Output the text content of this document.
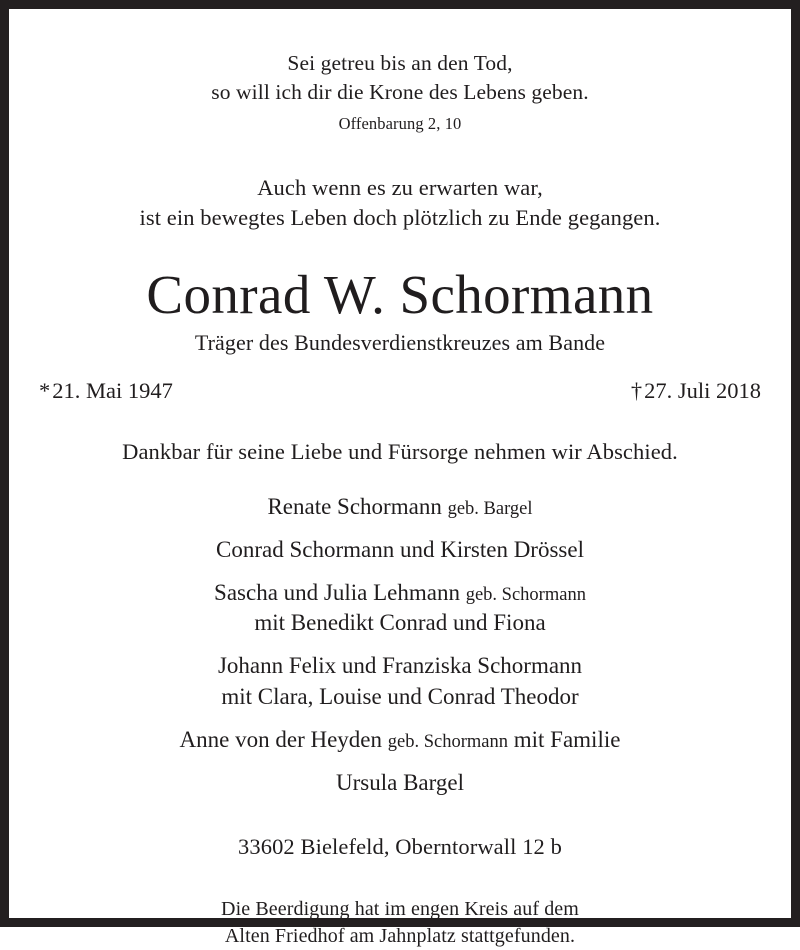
Sei getreu bis an den Tod,
so will ich dir die Krone des Lebens geben.
Offenbarung 2, 10
Auch wenn es zu erwarten war,
ist ein bewegtes Leben doch plötzlich zu Ende gegangen.
Conrad W. Schormann
Träger des Bundesverdienstkreuzes am Bande
*21. Mai 1947	†27. Juli 2018
Dankbar für seine Liebe und Fürsorge nehmen wir Abschied.
Renate Schormann geb. Bargel
Conrad Schormann und Kirsten Drössel
Sascha und Julia Lehmann geb. Schormann
mit Benedikt Conrad und Fiona
Johann Felix und Franziska Schormann
mit Clara, Louise und Conrad Theodor
Anne von der Heyden geb. Schormann mit Familie
Ursula Bargel
33602 Bielefeld, Oberntorwall 12 b
Die Beerdigung hat im engen Kreis auf dem
Alten Friedhof am Jahnplatz stattgefunden.
